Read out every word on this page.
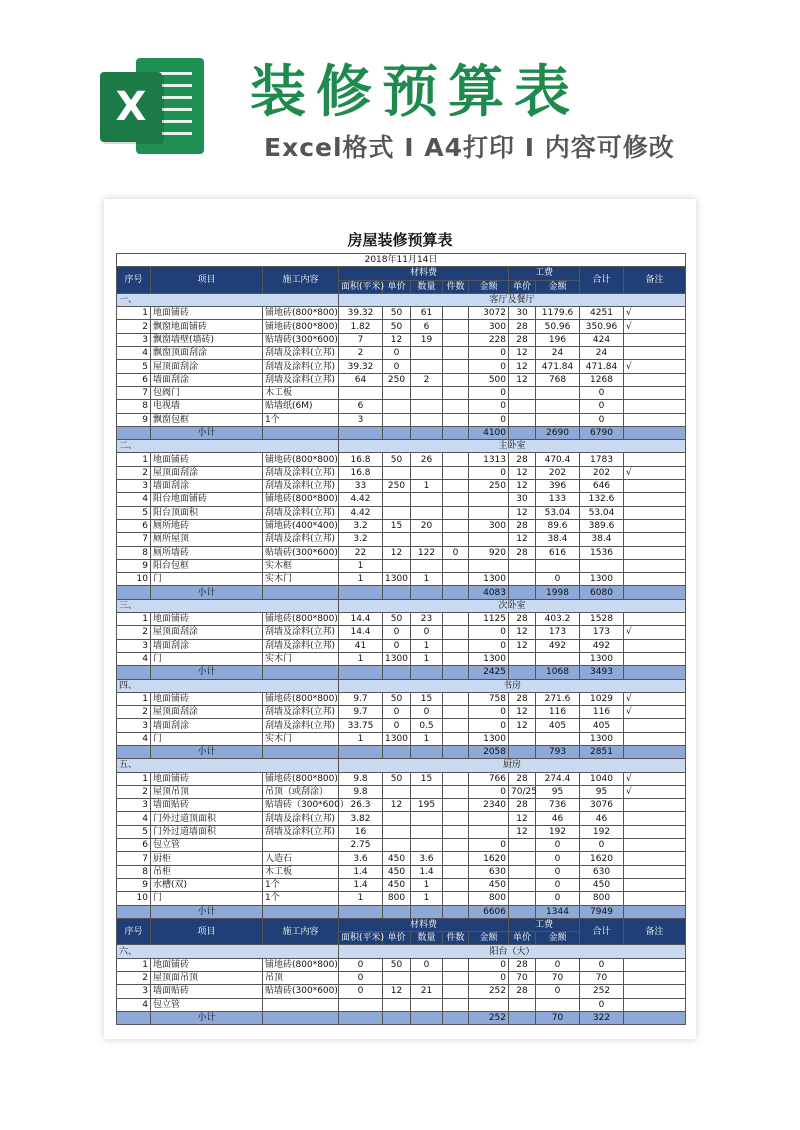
X 装修预算表
Excel格式 I A4打印 I 内容可修改
房屋装修预算表
2018年11月14日											
序号	项目	施工内容	材料费					工费		合计	备注
			面积(平米)	单价	数量	件数	金额	单价	金额		
一、			客厅及餐厅								
1	地面铺砖	铺地砖(800*800)	39.32	50	61		3072	30	1179.6	4251	√
2	飘窗地面铺砖	铺地砖(800*800)	1.82	50	6		300	28	50.96	350.96	√
3	飘窗墙壁(墙砖)	贴墙砖(300*600)	7	12	19		228	28	196	424	
4	飘窗顶面刮涂	刮墙及涂料(立邦)	2	0			0	12	24	24	
5	屋顶面刮涂	刮墙及涂料(立邦)	39.32	0			0	12	471.84	471.84	√
6	墙面刮涂	刮墙及涂料(立邦)	64	250	2		500	12	768	1268	
7	包阀门	木工板					0			0	
8	电视墙	贴墙纸(6M)	6				0			0	
9	飘窗包框	1个	3				0			0	
	小计						4100		2690	6790	
二、			主卧室								
1	地面铺砖	铺地砖(800*800)	16.8	50	26		1313	28	470.4	1783	
2	屋顶面刮涂	刮墙及涂料(立邦)	16.8				0	12	202	202	√
3	墙面刮涂	刮墙及涂料(立邦)	33	250	1		250	12	396	646	
4	阳台地面铺砖	铺地砖(800*800)	4.42					30	133	132.6	
5	阳台顶面积	刮墙及涂料(立邦)	4.42					12	53.04	53.04	
6	厕所地砖	铺地砖(400*400)	3.2	15	20		300	28	89.6	389.6	
7	厕所屋顶	刮墙及涂料(立邦)	3.2					12	38.4	38.4	
8	厕所墙砖	贴墙砖(300*600)	22	12	122	0	920	28	616	1536	
9	阳台包框	实木框	1								
10	门	实木门	1	1300	1		1300		0	1300	
	小计						4083		1998	6080	
三、			次卧室								
1	地面铺砖	铺地砖(800*800)	14.4	50	23		1125	28	403.2	1528	
2	屋顶面刮涂	刮墙及涂料(立邦)	14.4	0	0		0	12	173	173	√
3	墙面刮涂	刮墙及涂料(立邦)	41	0	1		0	12	492	492	
4	门	实木门	1	1300	1		1300			1300	
	小计						2425		1068	3493	
四、			书房								
1	地面铺砖	铺地砖(800*800)	9.7	50	15		758	28	271.6	1029	√
2	屋顶面刮涂	刮墙及涂料(立邦)	9.7	0	0		0	12	116	116	√
3	墙面刮涂	刮墙及涂料(立邦)	33.75	0	0.5		0	12	405	405	
4	门	实木门	1	1300	1		1300			1300	
	小计						2058		793	2851	
五、			厨房								
1	地面铺砖	铺地砖(800*800)	9.8	50	15		766	28	274.4	1040	√
2	屋顶吊顶	吊顶（或刮涂）	9.8				0	70/25	95	95	√
3	墙面贴砖	贴墙砖（300*600）	26.3	12	195		2340	28	736	3076	
4	门外过道顶面积	刮墙及涂料(立邦)	3.82					12	46	46	
5	门外过道墙面积	刮墙及涂料(立邦)	16					12	192	192	
6	包立管		2.75				0		0	0	
7	厨柜	人造石	3.6	450	3.6		1620		0	1620	
8	吊柜	木工板	1.4	450	1.4		630		0	630	
9	水槽(双)	1个	1.4	450	1		450		0	450	
10	门	1个	1	800	1		800		0	800	
	小计						6606		1344	7949	
序号	项目	施工内容	材料费					工费		合计	备注
			面积(平米)	单价	数量	件数	金额	单价	金额		
六、			阳台（大）								
1	地面铺砖	铺地砖(800*800)	0	50	0		0	28	0	0	
2	屋顶面吊顶	吊顶	0				0	70	70	70	
3	墙面贴砖	贴墙砖(300*600)	0	12	21		252	28	0	252	
4	包立管									0	
	小计						252		70	322	
